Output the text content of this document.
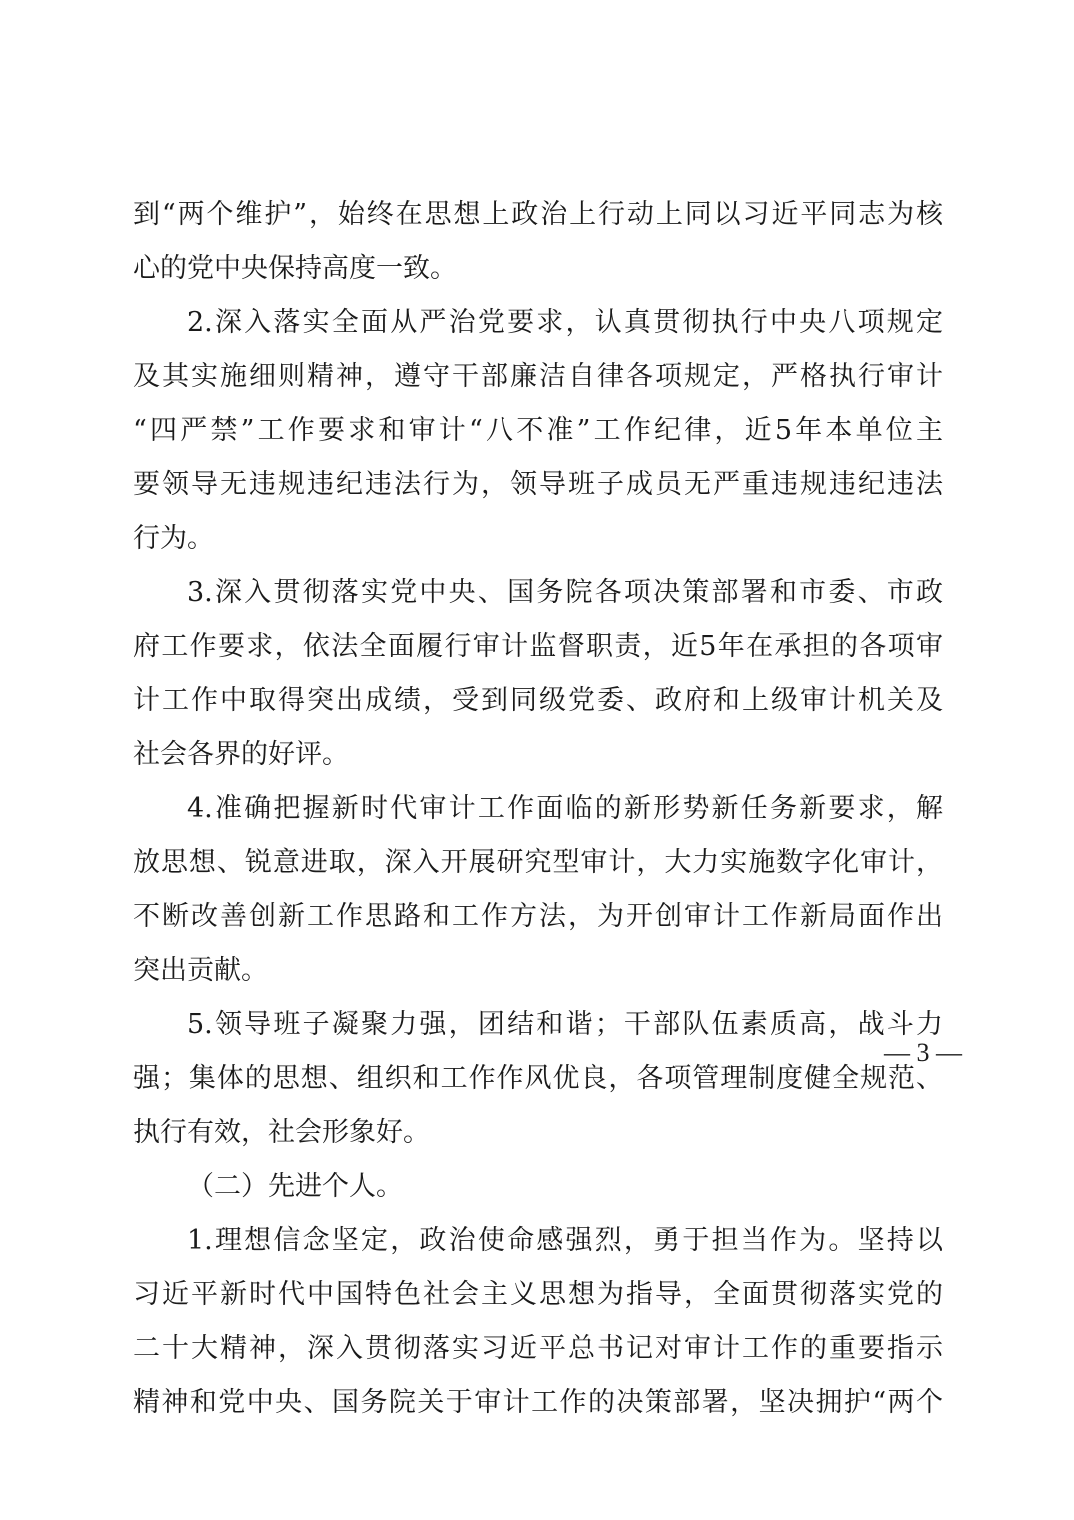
到“两个维护”，始终在思想上政治上行动上同以习近平同志为核
心的党中央保持高度一致。
2.深入落实全面从严治党要求，认真贯彻执行中央八项规定
及其实施细则精神，遵守干部廉洁自律各项规定，严格执行审计
“四严禁”工作要求和审计“八不准”工作纪律，近5年本单位主
要领导无违规违纪违法行为，领导班子成员无严重违规违纪违法
行为。
3.深入贯彻落实党中央、国务院各项决策部署和市委、市政
府工作要求，依法全面履行审计监督职责，近5年在承担的各项审
计工作中取得突出成绩，受到同级党委、政府和上级审计机关及
社会各界的好评。
4.准确把握新时代审计工作面临的新形势新任务新要求，解
放思想、锐意进取，深入开展研究型审计，大力实施数字化审计，
不断改善创新工作思路和工作方法，为开创审计工作新局面作出
突出贡献。
5.领导班子凝聚力强，团结和谐；干部队伍素质高，战斗力
强；集体的思想、组织和工作作风优良，各项管理制度健全规范、
执行有效，社会形象好。
（二）先进个人。
1.理想信念坚定，政治使命感强烈，勇于担当作为。坚持以
习近平新时代中国特色社会主义思想为指导，全面贯彻落实党的
二十大精神，深入贯彻落实习近平总书记对审计工作的重要指示
精神和党中央、国务院关于审计工作的决策部署，坚决拥护“两个
— 3 —
